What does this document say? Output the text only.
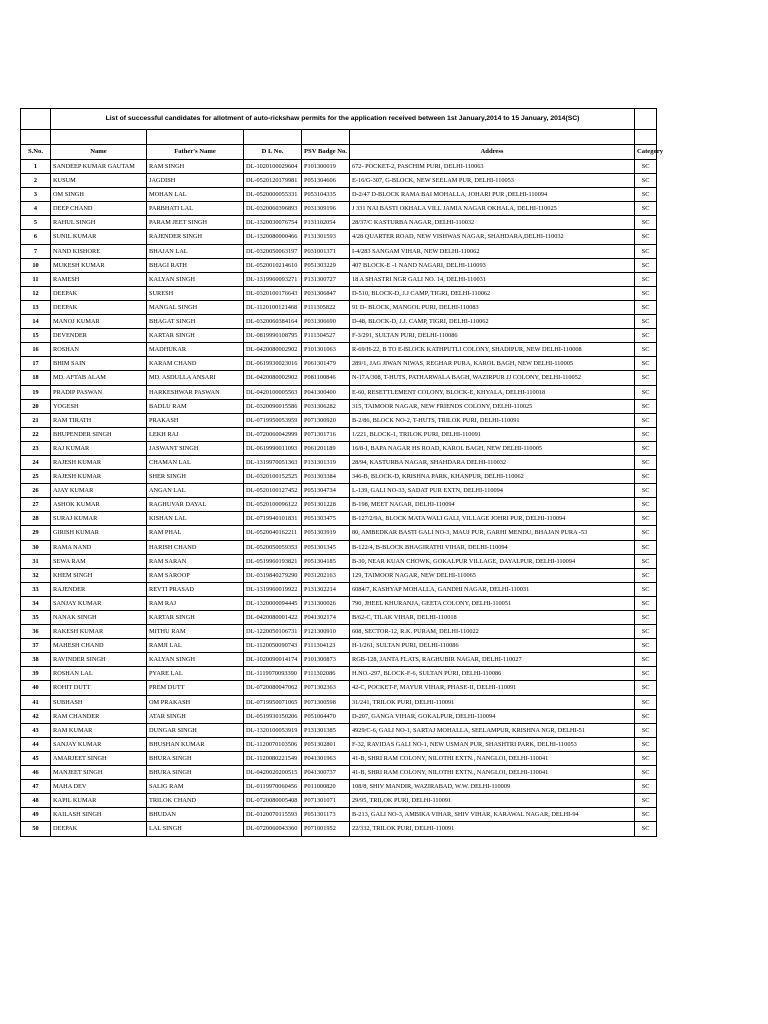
	List of successful candidates for allotment of auto-rickshaw permits for the application received between 1st January,2014 to 15 January, 2014(SC)					

S.No.	Name	Father's Name	D L No.	PSV Badge No.	Address	Category
1	SANDEEP KUMAR GAUTAM	RAM SINGH	DL-1020100029604	P101300019	672- POCKET-2, PASCHIM PURI, DELHI-110063	SC
2	KUSUM	JAGDISH	DL-0520120179981	P051304606	E-16/G-307, G-BLOCK, NEW SEELAM PUR, DELHI-110053	SC
3	OM SINGH	MOHAN LAL	DL-0520000055331	P053104335	D-2/47 D-BLOCK RAMA BAI MOHALLA, JOHARI PUR ,DELHI-110094	SC
4	DEEP CHAND	PARBHATI LAL	DL-0320060396893	P031309196	J 331 NAI BASTI OKHALA VILL JAMIA NAGAR OKHALA, DELHI-110025	SC
5	RAHUL SINGH	PARAM JEET SINGH	DL-1320030076754	P131102054	28/37/C KASTURBA NAGAR, DELHI-110032	SC
6	SUNIL KUMAR	RAJENDER SINGH	DL-1320080000466	P131301593	4/28 QUARTER ROAD, NEW VISHWAS NAGAR, SHAHDARA,DELHI-110032	SC
7	NAND KISHORE	BHAJAN LAL	DL-0320050063197	P031001371	I-4/283 SANGAM VIHAR, NEW DELHI-110062	SC
10	MUKESH KUMAR	BHAGI RATH	DL-0520010214610	P051303229	407 BLOCK-E -1 NAND NAGARI, DELHI-110093	SC
11	RAMESH	KALYAN SINGH	DL-1319960093271	P131300727	18 A SHASTRI NGR GALI NO. 14, DELHI-110031	SC
12	DEEPAK	SURESH	DL-0320100176643	P031306847	D-510, BLOCK-D, J.J CAMP, TIGRI, DELHI-110062	SC
13	DEEPAK	MANGAL SINGH	DL-1120100121468	P111305822	91 D- BLOCK, MANGOL PURI, DELHI-110083	SC
14	MANOJ KUMAR	BHAGAT SINGH	DL-0320060384164	P031306690	D-48, BLOCK-D, J.J. CAMP, TIGRI, DELHI-110062	SC
15	DEVENDER	KARTAR SINGH	DL-0819990108795	P111304527	F-3/291, SULTAN PURI, DELHI-110086	SC
16	ROSHAN	MADHUKAR	DL-0420080002902	P101301063	R-69/H-22, B TO E-BLOCK KATHPUTLI COLONY, SHADIPUR, NEW DELHI-110008	SC
17	BHIM SAIN	KARAM CHAND	DL-0619930023016	P061301479	289/1, JAG JIWAN NIWAS, REGHAR PURA, KAROL BAGH, NEW DELHI-110005	SC
18	MD. AFTAB ALAM	MD. ASDULLA ANSARI	DL-0420080002902	P081100846	N-17A/308, T-HUTS, PATHARWALA BAGH, WAZIRPUR JJ COLONY, DELHI-110052	SC
19	PRADIP PASWAN	HARKESHWAR PASWAN	DL-0420100005563	P041300400	E-60, RESETTLEMENT COLONY, BLOCK-E, KHYALA, DELHI-110018	SC
20	YOGESH	BADLU RAM	DL-0320090015586	P031306282	315, TAIMOOR NAGAR, NEW FRIENDS COLONY, DELHI-110025	SC
21	RAM TIRATH	PRAKASH	DL-0719950053959	P071300920	B-2/86, BLOCK NO-2, T-HUTS, TRILOK PURI, DELHI-110091	SC
22	BHUPENDER SINGH	LEKH RAJ	DL-0720060042999	P071301716	1/221, BLOCK-1, TRILOK PURI, DELHI-110091	SC
23	RAJ KUMAR	JASWANT SINGH	DL-0619990011093	P061201189	16/8-I, BAPA NAGAR HS ROAD, KAROL BAGH, NEW DELHI-110005	SC
24	RAJESH KUMAR	CHAMAN LAL	DL-1319970051363	P131301319	28/94, KASTURBA NAGAR, SHAHDARA DELHI-110032	SC
25	RAJESH KUMAR	SHER SINGH	DL-0320100152525	P031303384	346-B, BLOCK-D, KRISHNA PARK, KHANPUR, DELHI-110062	SC
26	AJAY KUMAR	ANGAN LAL	DL-0520100127452	P051304734	L-139, GALI NO-33, SADAT PUR EXTN, DELHI-110094	SC
27	ASHOK KUMAR	RAGHUVAR DAYAL	DL-0520100096122	P051301228	B-198, MEET NAGAR, DELHI-110094	SC
28	SURAJ KUMAR	KISHAN LAL	DL-0719940101831	P051303475	B-127/2/9A, BLOCK MATA WALI GALI, VILLAGE JOHRI PUR, DELHI-110094	SC
29	GIRISH KUMAR	RAM PHAL	DL-0520040162211	P051303919	80, AMBEDKAR BASTI GALI NO-3, MAUJ PUR, GARHI MENDU, BHAJAN PURA -53	SC
30	RAMA NAND	HARISH CHAND	DL-0520050059353	P051301345	B-122/4, B-BLOCK BHAGIRATHI VIHAR, DELHI-110094	SC
31	SEWA RAM	RAM SARAN	DL-0519960193821	P051304185	B-30, NEAR KUAN CHOWK, GOKALPUR VILLAGE, DAYALPUR, DELHI-110094	SC
32	KHEM SINGH	RAM SAROOP	DL-0319840279290	P031202163	129, TAIMOOR NAGAR, NEW DELHI-110065	SC
33	RAJENDER	REVTI PRASAD	DL-1319960019922	P131302214	6084/7, KASHYAP MOHALLA, GANDHI NAGAR, DELHI-110031	SC
34	SANJAY KUMAR	RAM RAJ	DL-1320000094445	P131300026	790, JHEEL KHURANJA, GEETA COLONY, DELHI-110051	SC
35	NANAK SINGH	KARTAR SINGH	DL-0420080001422	P041302174	B/62-C, TILAK VIHAR, DELHI-110018	SC
36	RAKESH KUMAR	MITHU RAM	DL-1220050106731	P121300910	608, SECTOR-12, R.K. PURAM, DELHI-110022	SC
37	MAHESH CHAND	RAMJI LAL	DL-1120050090743	P111304123	H-1/261, SULTAN PURI, DELHI-110086	SC
38	RAVINDER SINGH	KALYAN SINGH	DL-1020090014174	P101300873	RGB-128, JANTA FLATS, RAGHUBIR NAGAR, DELHI-110027	SC
39	ROSHAN LAL	PYARE LAL	DL-1119970093390	P111302086	H.NO.-297, BLOCK-F-6, SULTAN PURI, DELHI-110086	SC
40	ROHIT DUTT	PREM DUTT	DL-0720080047062	P071302363	42-C, POCKET-F, MAYUR VIHAR, PHASE-II, DELHI-110091	SC
41	SUBHASH	OM PRAKASH	DL-0719950071065	P071300598	31/241, TRILOK PURI, DELHI-110091	SC
42	RAM CHANDER	ATAR SINGH	DL-0519930150206	P051004470	D-207, GANGA VIHAR, GOKALPUR, DELHI-110094	SC
43	RAM KUMAR	DUNGAR SINGH	DL-1320100053919	P131301385	4929/C-6, GALI NO-1, SARTAJ MOHALLA, SEELAMPUR, KRISHNA NGR, DELHI-51	SC
44	SANJAY KUMAR	BHUSHAN KUMAR	DL-1120070103506	P051302801	F-32, RAVIDAS GALI NO-1, NEW USMAN PUR, SHASHTRI PARK, DELHI-110053	SC
45	AMARJEET SINGH	BHURA SINGH	DL-1120080221549	P041301963	41-B, SHRI RAM COLONY, NILOTHI EXTN., NANGLOI, DELHI-110041	SC
46	MANJEET SINGH	BHURA SINGH	DL-0420020200515	P041300737	41-B, SHRI RAM COLONY, NILOTHI EXTN., NANGLOI, DELHI-110041	SC
47	MAHA DEV	SALIG RAM	DL-0119970060456	P011000820	108/8, SHIV MANDIR, WAZIRABAD, W.W. DELHI-110009	SC
48	KAPIL KUMAR	TRILOK CHAND	DL-0720080005408	P071301071	29/95, TRILOK PURI, DELHI-110091	SC
49	KAILASH SINGH	BHUDAN	DL-0120070115593	P051301173	B-213, GALI NO-3, AMBIKA VIHAR, SHIV VIHAR, KARAWAL NAGAR, DELHI-94	SC
50	DEEPAK	LAL SINGH	DL-0720060043360	P071001952	22/332, TRILOK PURI, DELHI-110091	SC
